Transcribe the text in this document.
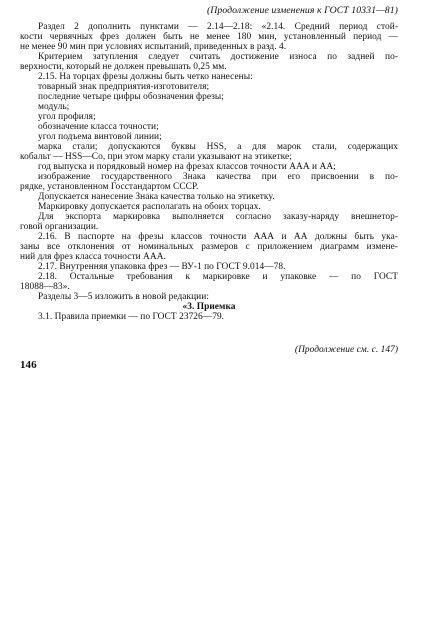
(Продолжение изменения к ГОСТ 10331—81)
Раздел 2 дополнить пунктами — 2.14—2.18: «2.14. Средний период стой-
кости червячных фрез должен быть не менее 180 мин, установленный период —
не менее 90 мин при условиях испытаний, приведенных в разд. 4.
Критерием затупления следует считать достижение износа по задней по-
верхности, который не должен превышать 0,25 мм.
2.15. На торцах фрезы должны быть четко нанесены:
товарный знак предприятия-изготовителя;
последние четыре цифры обозначения фрезы;
модуль;
угол профиля;
обозначение класса точности;
угол подъема винтовой линии;
марка стали; допускаются буквы HSS, а для марок стали, содержащих
кобальт — HSS—Co, при этом марку стали указывают на этикетке;
год выпуска и порядковый номер на фрезах классов точности ААА и АА;
изображение государственного Знака качества при его присвоении в по-
рядке, установленном Госстандартом СССР.
Допускается нанесение Знака качества только на этикетку.
Маркировку допускается располагать на обоих торцах.
Для экспорта маркировка выполняется согласно заказу-наряду внешнетор-
говой организации.
2.16. В паспорте на фрезы классов точности ААА и АА должны быть ука-
заны все отклонения от номинальных размеров с приложением диаграмм измене-
ний для фрез класса точности ААА.
2.17. Внутренняя упаковка фрез — ВУ-1 по ГОСТ 9.014—78.
2.18. Остальные требования к маркировке и упаковке — по ГОСТ
18088—83».
Разделы 3—5 изложить в новой редакции:
«3. Приемка
3.1. Правила приемки — по ГОСТ 23726—79.
(Продолжение см. с. 147)
146
